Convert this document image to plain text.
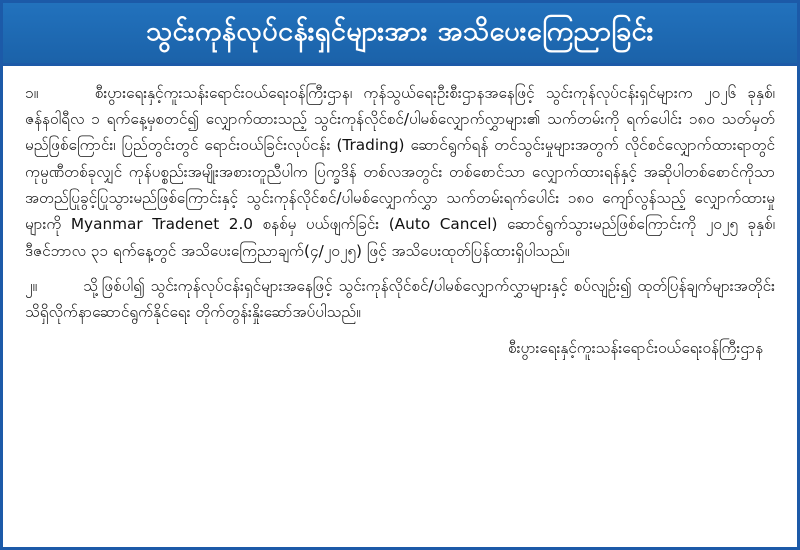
သွင်းကုန်လုပ်ငန်းရှင်များအား အသိပေးကြေညာခြင်း

၁။	စီးပွားရေးနှင့်ကူးသန်းရောင်းဝယ်ရေးဝန်ကြီးဌာန၊ ကုန်သွယ်ရေးဦးစီးဌာနအနေဖြင့် သွင်းကုန်လုပ်ငန်းရှင်များက ၂၀၂၆ ခုနှစ်၊ ဇန်နဝါရီလ ၁ ရက်နေ့မှစတင်၍ လျှောက်ထားသည့် သွင်းကုန်လိုင်စင်/ပါမစ်လျှောက်လွှာများ၏ သက်တမ်းကို ရက်ပေါင်း ၁၈၀ သတ်မှတ်မည်ဖြစ်ကြောင်း၊ ပြည်တွင်းတွင် ရောင်းဝယ်ခြင်းလုပ်ငန်း (Trading) ဆောင်ရွက်ရန် တင်သွင်းမှုများအတွက် လိုင်စင်လျှောက်ထားရာတွင် ကုမ္ပဏီတစ်ခုလျှင် ကုန်ပစ္စည်းအမျိုးအစားတူညီပါက ပြက္ခဒိန် တစ်လအတွင်း တစ်စောင်သာ လျှောက်ထားရန်နှင့် အဆိုပါတစ်စောင်ကိုသာ အတည်ပြုခွင့်ပြုသွားမည်ဖြစ်ကြောင်းနှင့် သွင်းကုန်လိုင်စင်/ပါမစ်လျှောက်လွှာ သက်တမ်းရက်ပေါင်း ၁၈၀ ကျော်လွန်သည့် လျှောက်ထားမှုများကို Myanmar Tradenet 2.0 စနစ်မှ ပယ်ဖျက်ခြင်း (Auto Cancel) ဆောင်ရွက်သွားမည်ဖြစ်ကြောင်းကို ၂၀၂၅ ခုနှစ်၊ ဒီဇင်ဘာလ ၃၁ ရက်နေ့တွင် အသိပေးကြေညာချက်(၄/၂၀၂၅) ဖြင့် အသိပေးထုတ်ပြန်ထားရှိပါသည်။

၂။	သို့ဖြစ်ပါ၍ သွင်းကုန်လုပ်ငန်းရှင်များအနေဖြင့် သွင်းကုန်လိုင်စင်/ပါမစ်လျှောက်လွှာများနှင့် စပ်လျဉ်း၍ ထုတ်ပြန်ချက်များအတိုင်း သိရှိလိုက်နာဆောင်ရွက်နိုင်ရေး တိုက်တွန်းနှိုးဆော်အပ်ပါသည်။

စီးပွားရေးနှင့်ကူးသန်းရောင်းဝယ်ရေးဝန်ကြီးဌာန
